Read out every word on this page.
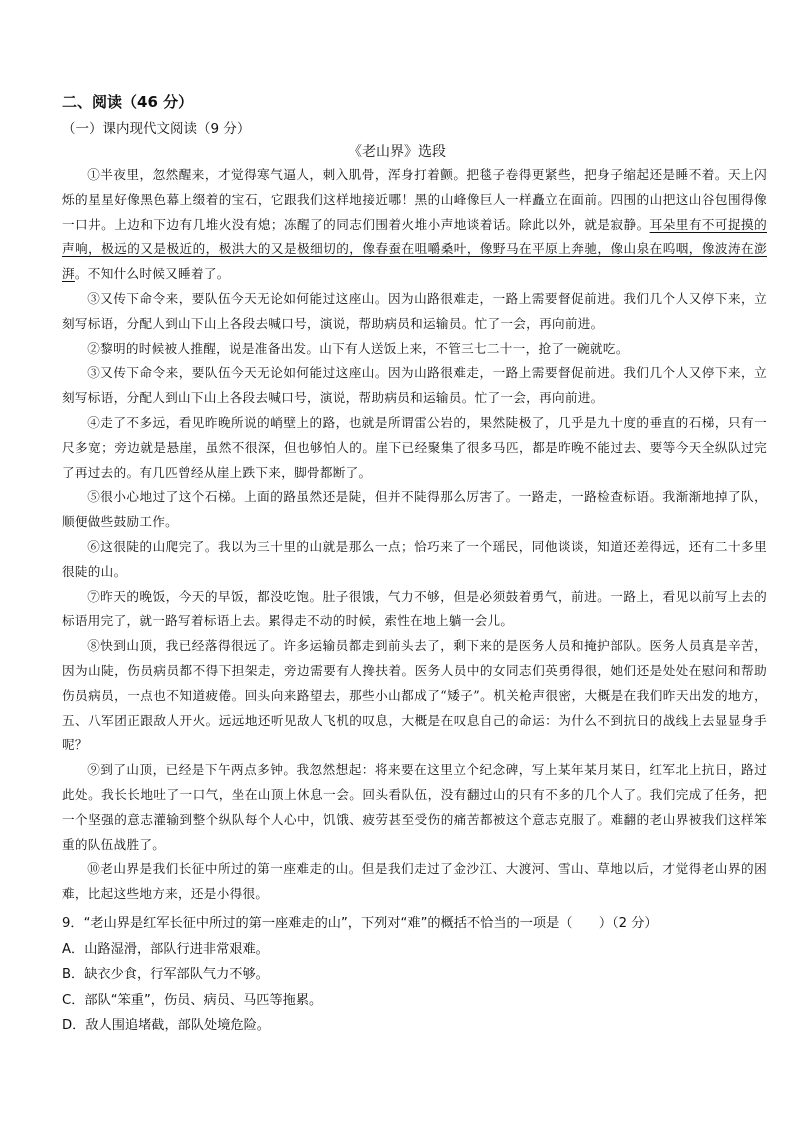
二、阅读（46 分）
（一）课内现代文阅读（9 分）
《老山界》选段

①半夜里，忽然醒来，才觉得寒气逼人，刺入肌骨，浑身打着颤。把毯子卷得更紧些，把身子缩起还是睡不着。天上闪烁的星星好像黑色幕上缀着的宝石，它跟我们这样地接近哪！黑的山峰像巨人一样矗立在面前。四围的山把这山谷包围得像一口井。上边和下边有几堆火没有熄；冻醒了的同志们围着火堆小声地谈着话。除此以外，就是寂静。耳朵里有不可捉摸的声响，极远的又是极近的，极洪大的又是极细切的，像春蚕在咀嚼桑叶，像野马在平原上奔驰，像山泉在呜咽，像波涛在澎湃。不知什么时候又睡着了。

③又传下命令来，要队伍今天无论如何能过这座山。因为山路很难走，一路上需要督促前进。我们几个人又停下来，立刻写标语，分配人到山下山上各段去喊口号，演说，帮助病员和运输员。忙了一会，再向前进。

②黎明的时候被人推醒，说是准备出发。山下有人送饭上来，不管三七二十一，抢了一碗就吃。

③又传下命令来，要队伍今天无论如何能过这座山。因为山路很难走，一路上需要督促前进。我们几个人又停下来，立刻写标语，分配人到山下山上各段去喊口号，演说，帮助病员和运输员。忙了一会，再向前进。

④走了不多远，看见昨晚所说的峭壁上的路，也就是所谓雷公岩的，果然陡极了，几乎是九十度的垂直的石梯，只有一尺多宽；旁边就是悬崖，虽然不很深，但也够怕人的。崖下已经聚集了很多马匹，都是昨晚不能过去、要等今天全纵队过完了再过去的。有几匹曾经从崖上跌下来，脚骨都断了。

⑤很小心地过了这个石梯。上面的路虽然还是陡，但并不陡得那么厉害了。一路走，一路检查标语。我渐渐地掉了队，顺便做些鼓励工作。

⑥这很陡的山爬完了。我以为三十里的山就是那么一点；恰巧来了一个瑶民，同他谈谈，知道还差得远，还有二十多里很陡的山。

⑦昨天的晚饭，今天的早饭，都没吃饱。肚子很饿，气力不够，但是必须鼓着勇气，前进。一路上，看见以前写上去的标语用完了，就一路写着标语上去。累得走不动的时候，索性在地上躺一会儿。

⑧快到山顶，我已经落得很远了。许多运输员都走到前头去了，剩下来的是医务人员和掩护部队。医务人员真是辛苦，因为山陡，伤员病员都不得下担架走，旁边需要有人搀扶着。医务人员中的女同志们英勇得很，她们还是处处在慰问和帮助伤员病员，一点也不知道疲倦。回头向来路望去，那些小山都成了“矮子”。机关枪声很密，大概是在我们昨天出发的地方，五、八军团正跟敌人开火。远远地还听见敌人飞机的叹息，大概是在叹息自己的命运：为什么不到抗日的战线上去显显身手呢？

⑨到了山顶，已经是下午两点多钟。我忽然想起：将来要在这里立个纪念碑，写上某年某月某日，红军北上抗日，路过此处。我长长地吐了一口气，坐在山顶上休息一会。回头看队伍，没有翻过山的只有不多的几个人了。我们完成了任务，把一个坚强的意志灌输到整个纵队每个人心中，饥饿、疲劳甚至受伤的痛苦都被这个意志克服了。难翻的老山界被我们这样笨重的队伍战胜了。

⑩老山界是我们长征中所过的第一座难走的山。但是我们走过了金沙江、大渡河、雪山、草地以后，才觉得老山界的困难，比起这些地方来，还是小得很。

9．“老山界是红军长征中所过的第一座难走的山”，下列对“难”的概括不恰当的一项是（　　）（2 分）
A．山路湿滑，部队行进非常艰难。
B．缺衣少食，行军部队气力不够。
C．部队“笨重”，伤员、病员、马匹等拖累。
D．敌人围追堵截，部队处境危险。
